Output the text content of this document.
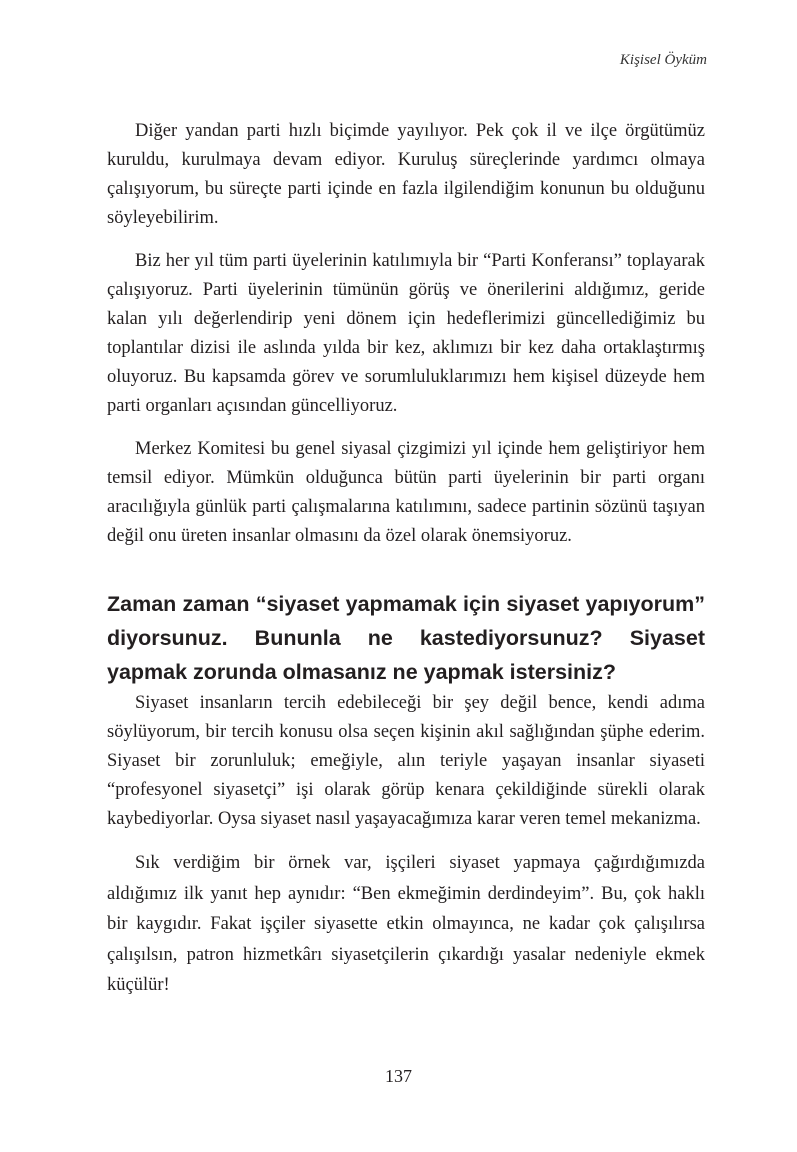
Kişisel Öyküm

Diğer yandan parti hızlı biçimde yayılıyor. Pek çok il ve ilçe örgütümüz kuruldu, kurulmaya devam ediyor. Kuruluş süreçlerinde yardımcı olmaya çalışıyorum, bu süreçte parti içinde en fazla ilgilendiğim konunun bu olduğunu söyleyebilirim.

Biz her yıl tüm parti üyelerinin katılımıyla bir “Parti Konferansı” toplayarak çalışıyoruz. Parti üyelerinin tümünün görüş ve önerilerini aldığımız, geride kalan yılı değerlendirip yeni dönem için hedeflerimizi güncellediğimiz bu toplantılar dizisi ile aslında yılda bir kez, aklımızı bir kez daha ortaklaştırmış oluyoruz. Bu kapsamda görev ve sorumluluklarımızı hem kişisel düzeyde hem parti organları açısından güncelliyoruz.

Merkez Komitesi bu genel siyasal çizgimizi yıl içinde hem geliştiriyor hem temsil ediyor. Mümkün olduğunca bütün parti üyelerinin bir parti organı aracılığıyla günlük parti çalışmalarına katılımını, sadece partinin sözünü taşıyan değil onu üreten insanlar olmasını da özel olarak önemsiyoruz.

Zaman zaman “siyaset yapmamak için siyaset yapıyorum” diyorsunuz. Bununla ne kastediyorsunuz? Siyaset yapmak zorunda olmasanız ne yapmak istersiniz?

Siyaset insanların tercih edebileceği bir şey değil bence, kendi adıma söylüyorum, bir tercih konusu olsa seçen kişinin akıl sağlığından şüphe ederim. Siyaset bir zorunluluk; emeğiyle, alın teriyle yaşayan insanlar siyaseti “profesyonel siyasetçi” işi olarak görüp kenara çekildiğinde sürekli olarak kaybediyorlar. Oysa siyaset nasıl yaşayacağımıza karar veren temel mekanizma.

Sık verdiğim bir örnek var, işçileri siyaset yapmaya çağırdığımızda aldığımız ilk yanıt hep aynıdır: “Ben ekmeğimin derdindeyim”. Bu, çok haklı bir kaygıdır. Fakat işçiler siyasette etkin olmayınca, ne kadar çok çalışılırsa çalışılsın, patron hizmetkârı siyasetçilerin çıkardığı yasalar nedeniyle ekmek küçülür!

137
